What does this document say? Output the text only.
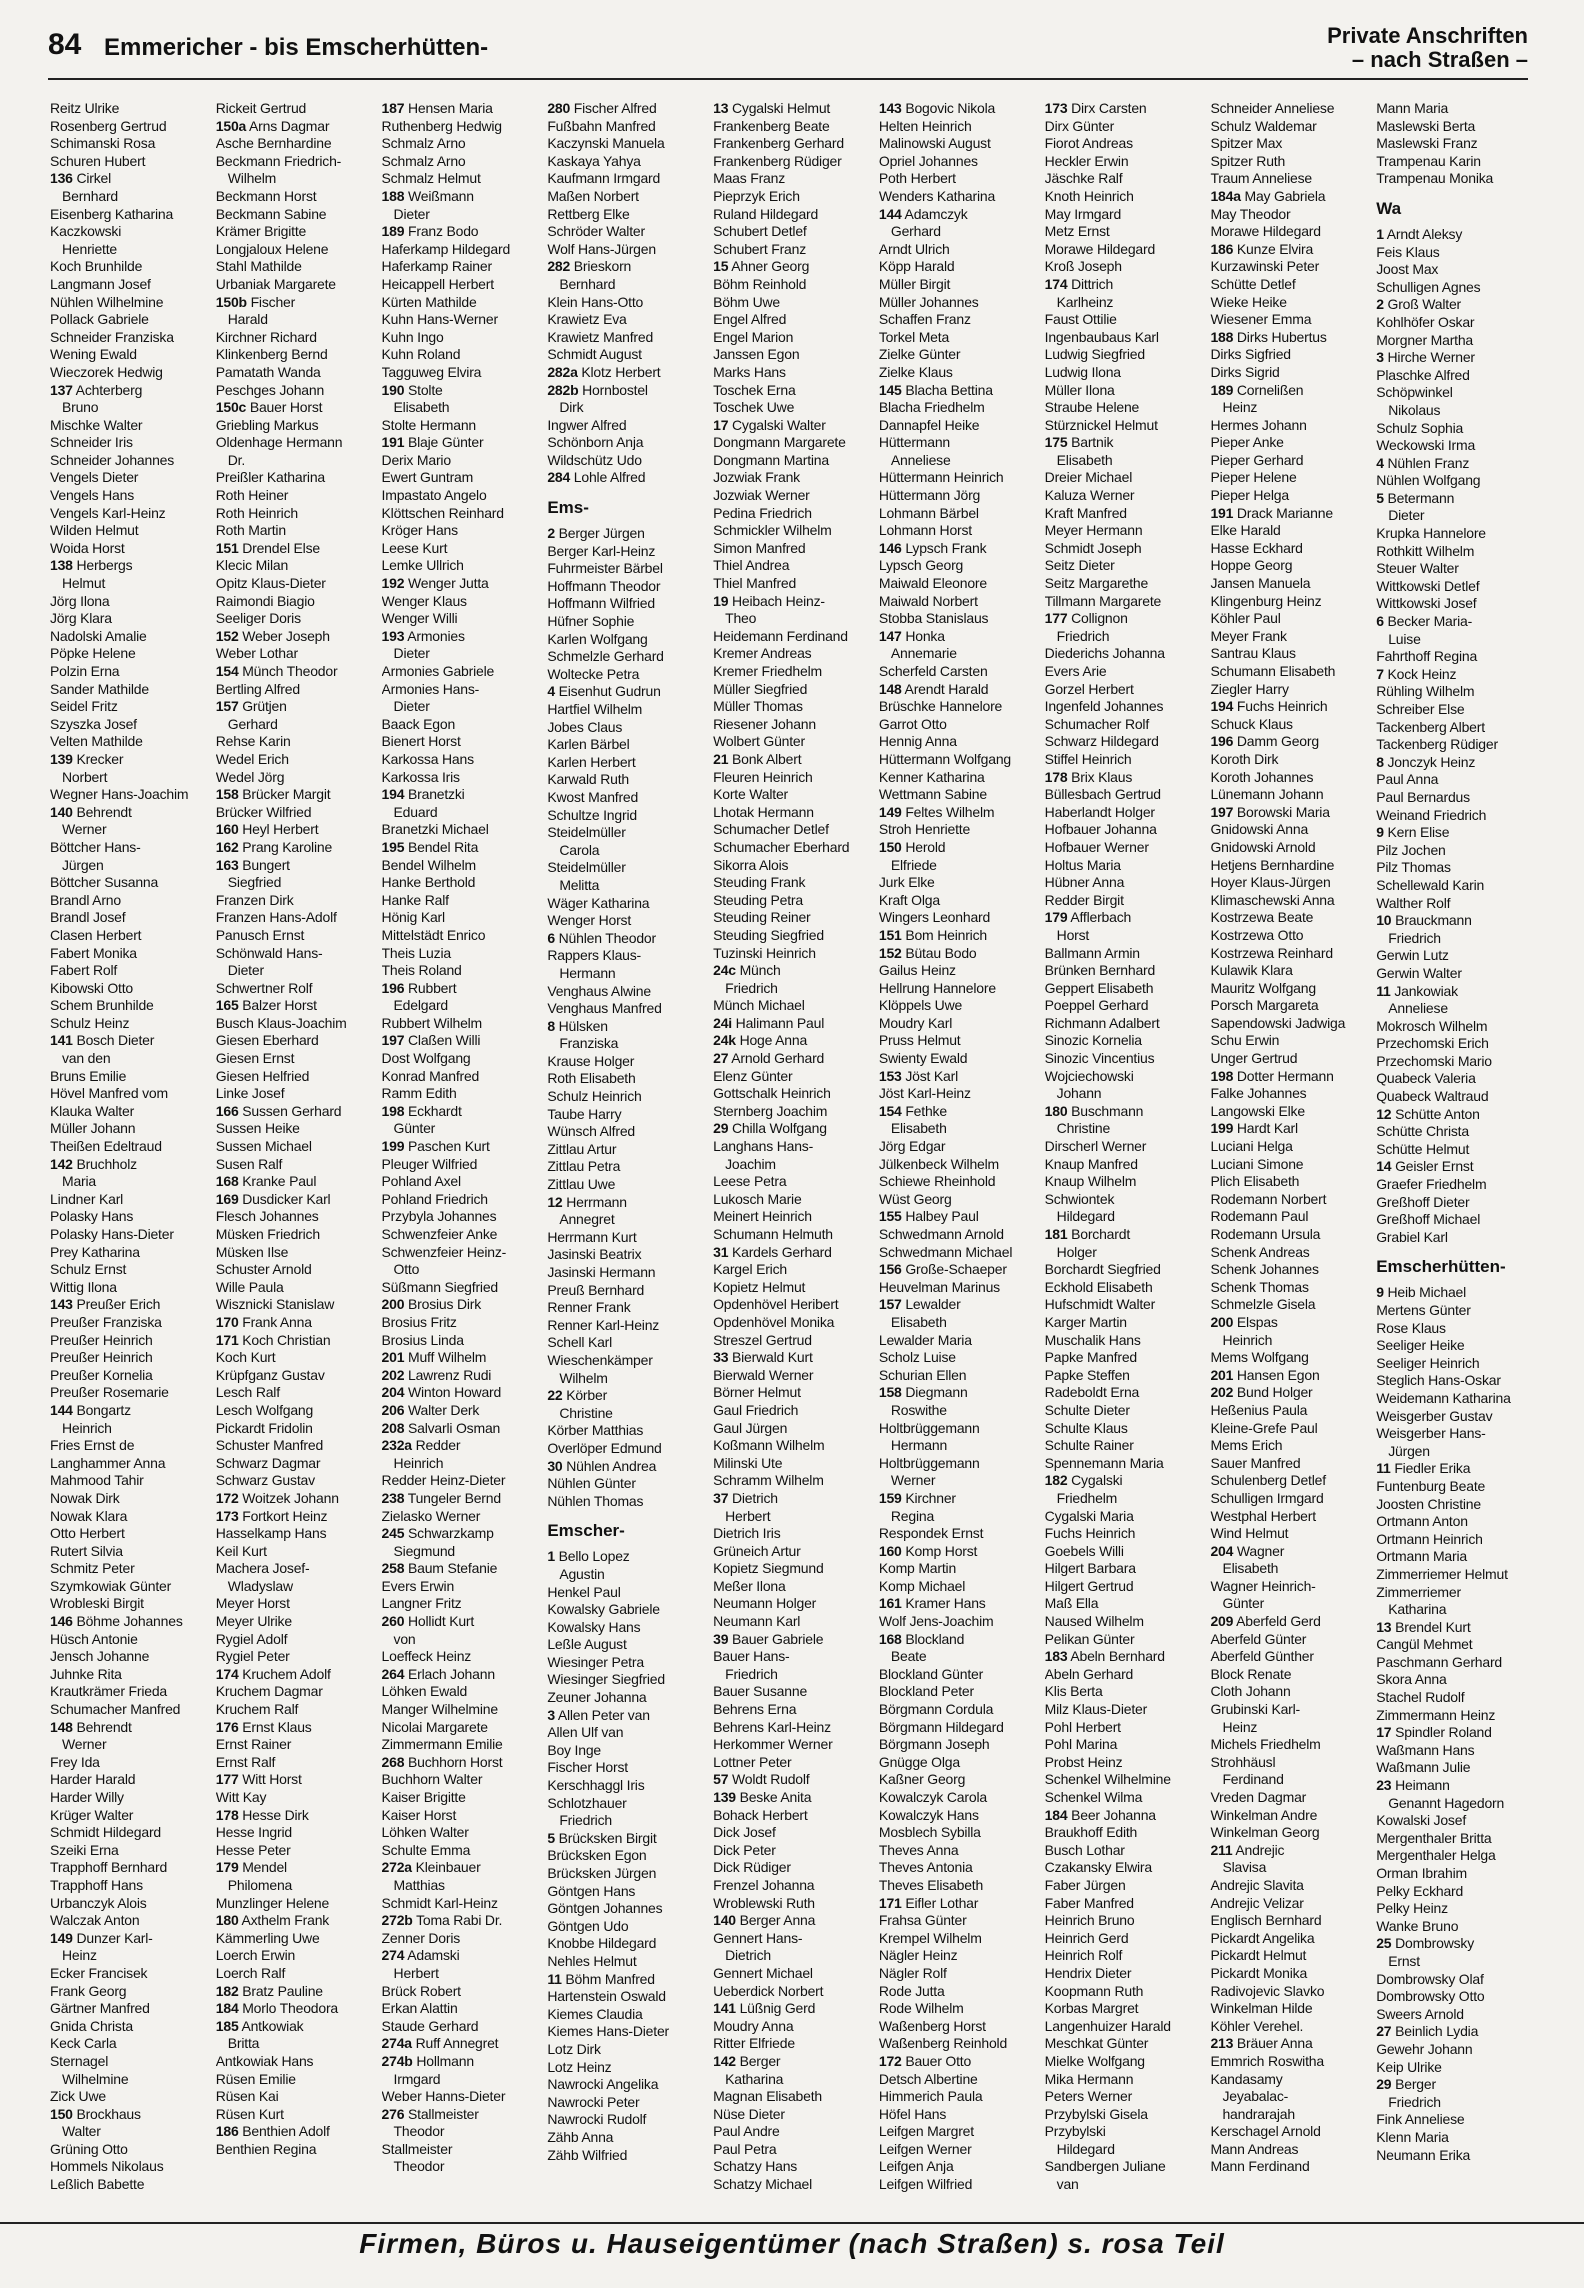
84 Emmericher - bis Emscherhütten-	Private Anschriften
– nach Straßen –
Reitz Ulrike
Rosenberg Gertrud
Schimanski Rosa
Schuren Hubert
136 Cirkel
Bernhard
Eisenberg Katharina
Kaczkowski
Henriette
Koch Brunhilde
Langmann Josef
Nühlen Wilhelmine
Pollack Gabriele
Schneider Franziska
Wening Ewald
Wieczorek Hedwig
137 Achterberg
Bruno
Mischke Walter
Schneider Iris
Schneider Johannes
Vengels Dieter
Vengels Hans
Vengels Karl-Heinz
Wilden Helmut
Woida Horst
138 Herbergs
Helmut
Jörg Ilona
Jörg Klara
Nadolski Amalie
Pöpke Helene
Polzin Erna
Sander Mathilde
Seidel Fritz
Szyszka Josef
Velten Mathilde
139 Krecker
Norbert
Wegner Hans-Joachim
140 Behrendt
Werner
Böttcher Hans-
Jürgen
Böttcher Susanna
Brandl Arno
Brandl Josef
Clasen Herbert
Fabert Monika
Fabert Rolf
Kibowski Otto
Schem Brunhilde
Schulz Heinz
141 Bosch Dieter
van den
Bruns Emilie
Hövel Manfred vom
Klauka Walter
Müller Johann
Theißen Edeltraud
142 Bruchholz
Maria
Lindner Karl
Polasky Hans
Polasky Hans-Dieter
Prey Katharina
Schulz Ernst
Wittig Ilona
143 Preußer Erich
Preußer Franziska
Preußer Heinrich
Preußer Heinrich
Preußer Kornelia
Preußer Rosemarie
144 Bongartz
Heinrich
Fries Ernst de
Langhammer Anna
Mahmood Tahir
Nowak Dirk
Nowak Klara
Otto Herbert
Rutert Silvia
Schmitz Peter
Szymkowiak Günter
Wrobleski Birgit
146 Böhme Johannes
Hüsch Antonie
Jensch Johanne
Juhnke Rita
Krautkrämer Frieda
Schumacher Manfred
148 Behrendt
Werner
Frey Ida
Harder Harald
Harder Willy
Krüger Walter
Schmidt Hildegard
Szeiki Erna
Trapphoff Bernhard
Trapphoff Hans
Urbanczyk Alois
Walczak Anton
149 Dunzer Karl-
Heinz
Ecker Francisek
Frank Georg
Gärtner Manfred
Gnida Christa
Keck Carla
Sternagel
Wilhelmine
Zick Uwe
150 Brockhaus
Walter
Grüning Otto
Hommels Nikolaus
Leßlich Babette
Rickeit Gertrud
150a Arns Dagmar
Asche Bernhardine
Beckmann Friedrich-
Wilhelm
Beckmann Horst
Beckmann Sabine
Krämer Brigitte
Longjaloux Helene
Stahl Mathilde
Urbaniak Margarete
150b Fischer
Harald
Kirchner Richard
Klinkenberg Bernd
Pamatath Wanda
Peschges Johann
150c Bauer Horst
Griebling Markus
Oldenhage Hermann
Dr.
Preißler Katharina
Roth Heiner
Roth Heinrich
Roth Martin
151 Drendel Else
Klecic Milan
Opitz Klaus-Dieter
Raimondi Biagio
Seeliger Doris
152 Weber Joseph
Weber Lothar
154 Münch Theodor
Bertling Alfred
157 Grütjen
Gerhard
Rehse Karin
Wedel Erich
Wedel Jörg
158 Brücker Margit
Brücker Wilfried
160 Heyl Herbert
162 Prang Karoline
163 Bungert
Siegfried
Franzen Dirk
Franzen Hans-Adolf
Panusch Ernst
Schönwald Hans-
Dieter
Schwertner Rolf
165 Balzer Horst
Busch Klaus-Joachim
Giesen Eberhard
Giesen Ernst
Giesen Helfried
Linke Josef
166 Sussen Gerhard
Sussen Heike
Sussen Michael
Susen Ralf
168 Kranke Paul
169 Dusdicker Karl
Flesch Johannes
Müsken Friedrich
Müsken Ilse
Schuster Arnold
Wille Paula
Wisznicki Stanislaw
170 Frank Anna
171 Koch Christian
Koch Kurt
Krüpfganz Gustav
Lesch Ralf
Lesch Wolfgang
Pickardt Fridolin
Schuster Manfred
Schwarz Dagmar
Schwarz Gustav
172 Woitzek Johann
173 Fortkort Heinz
Hasselkamp Hans
Keil Kurt
Machera Josef-
Wladyslaw
Meyer Horst
Meyer Ulrike
Rygiel Adolf
Rygiel Peter
174 Kruchem Adolf
Kruchem Dagmar
Kruchem Ralf
176 Ernst Klaus
Ernst Rainer
Ernst Ralf
177 Witt Horst
Witt Kay
178 Hesse Dirk
Hesse Ingrid
Hesse Peter
179 Mendel
Philomena
Munzlinger Helene
180 Axthelm Frank
Kämmerling Uwe
Loerch Erwin
Loerch Ralf
182 Bratz Pauline
184 Morlo Theodora
185 Antkowiak
Britta
Antkowiak Hans
Rüsen Emilie
Rüsen Kai
Rüsen Kurt
186 Benthien Adolf
Benthien Regina
187 Hensen Maria
Ruthenberg Hedwig
Schmalz Arno
Schmalz Arno
Schmalz Helmut
188 Weißmann
Dieter
189 Franz Bodo
Haferkamp Hildegard
Haferkamp Rainer
Heicappell Herbert
Kürten Mathilde
Kuhn Hans-Werner
Kuhn Ingo
Kuhn Roland
Tagguweg Elvira
190 Stolte
Elisabeth
Stolte Hermann
191 Blaje Günter
Derix Mario
Ewert Guntram
Impastato Angelo
Klöttschen Reinhard
Kröger Hans
Leese Kurt
Lemke Ullrich
192 Wenger Jutta
Wenger Klaus
Wenger Willi
193 Armonies
Dieter
Armonies Gabriele
Armonies Hans-
Dieter
Baack Egon
Bienert Horst
Karkossa Hans
Karkossa Iris
194 Branetzki
Eduard
Branetzki Michael
195 Bendel Rita
Bendel Wilhelm
Hanke Berthold
Hanke Ralf
Hönig Karl
Mittelstädt Enrico
Theis Luzia
Theis Roland
196 Rubbert
Edelgard
Rubbert Wilhelm
197 Claßen Willi
Dost Wolfgang
Konrad Manfred
Ramm Edith
198 Eckhardt
Günter
199 Paschen Kurt
Pleuger Wilfried
Pohland Axel
Pohland Friedrich
Przybyla Johannes
Schwenzfeier Anke
Schwenzfeier Heinz-
Otto
Süßmann Siegfried
200 Brosius Dirk
Brosius Fritz
Brosius Linda
201 Muff Wilhelm
202 Lawrenz Rudi
204 Winton Howard
206 Walter Derk
208 Salvarli Osman
232a Redder
Heinrich
Redder Heinz-Dieter
238 Tungeler Bernd
Zielasko Werner
245 Schwarzkamp
Siegmund
258 Baum Stefanie
Evers Erwin
Langner Fritz
260 Hollidt Kurt
von
Loeffeck Heinz
264 Erlach Johann
Löhken Ewald
Manger Wilhelmine
Nicolai Margarete
Zimmermann Emilie
268 Buchhorn Horst
Buchhorn Walter
Kaiser Brigitte
Kaiser Horst
Löhken Walter
Schulte Emma
272a Kleinbauer
Matthias
Schmidt Karl-Heinz
272b Toma Rabi Dr.
Zenner Doris
274 Adamski
Herbert
Brück Robert
Erkan Alattin
Staude Gerhard
274a Ruff Annegret
274b Hollmann
Irmgard
Weber Hanns-Dieter
276 Stallmeister
Theodor
Stallmeister
Theodor
280 Fischer Alfred
Fußbahn Manfred
Kaczynski Manuela
Kaskaya Yahya
Kaufmann Irmgard
Maßen Norbert
Rettberg Elke
Schröder Walter
Wolf Hans-Jürgen
282 Brieskorn
Bernhard
Klein Hans-Otto
Krawietz Eva
Krawietz Manfred
Schmidt August
282a Klotz Herbert
282b Hornbostel
Dirk
Ingwer Alfred
Schönborn Anja
Wildschütz Udo
284 Lohle Alfred
Ems-
2 Berger Jürgen
Berger Karl-Heinz
Fuhrmeister Bärbel
Hoffmann Theodor
Hoffmann Wilfried
Hüfner Sophie
Karlen Wolfgang
Schmelzle Gerhard
Woltecke Petra
4 Eisenhut Gudrun
Hartfiel Wilhelm
Jobes Claus
Karlen Bärbel
Karlen Herbert
Karwald Ruth
Kwost Manfred
Schultze Ingrid
Steidelmüller
Carola
Steidelmüller
Melitta
Wäger Katharina
Wenger Horst
6 Nühlen Theodor
Rappers Klaus-
Hermann
Venghaus Alwine
Venghaus Manfred
8 Hülsken
Franziska
Krause Holger
Roth Elisabeth
Schulz Heinrich
Taube Harry
Wünsch Alfred
Zittlau Artur
Zittlau Petra
Zittlau Uwe
12 Herrmann
Annegret
Herrmann Kurt
Jasinski Beatrix
Jasinski Hermann
Preuß Bernhard
Renner Frank
Renner Karl-Heinz
Schell Karl
Wieschenkämper
Wilhelm
22 Körber
Christine
Körber Matthias
Overlöper Edmund
30 Nühlen Andrea
Nühlen Günter
Nühlen Thomas
Emscher-
1 Bello Lopez
Agustin
Henkel Paul
Kowalsky Gabriele
Kowalsky Hans
Leßle August
Wiesinger Petra
Wiesinger Siegfried
Zeuner Johanna
3 Allen Peter van
Allen Ulf van
Boy Inge
Fischer Horst
Kerschhaggl Iris
Schlotzhauer
Friedrich
5 Brücksken Birgit
Brücksken Egon
Brücksken Jürgen
Göntgen Hans
Göntgen Johannes
Göntgen Udo
Knobbe Hildegard
Nehles Helmut
11 Böhm Manfred
Hartenstein Oswald
Kiemes Claudia
Kiemes Hans-Dieter
Lotz Dirk
Lotz Heinz
Nawrocki Angelika
Nawrocki Peter
Nawrocki Rudolf
Zähb Anna
Zähb Wilfried
13 Cygalski Helmut
Frankenberg Beate
Frankenberg Gerhard
Frankenberg Rüdiger
Maas Franz
Pieprzyk Erich
Ruland Hildegard
Schubert Detlef
Schubert Franz
15 Ahner Georg
Böhm Reinhold
Böhm Uwe
Engel Alfred
Engel Marion
Janssen Egon
Marks Hans
Toschek Erna
Toschek Uwe
17 Cygalski Walter
Dongmann Margarete
Dongmann Martina
Jozwiak Frank
Jozwiak Werner
Pedina Friedrich
Schmickler Wilhelm
Simon Manfred
Thiel Andrea
Thiel Manfred
19 Heibach Heinz-
Theo
Heidemann Ferdinand
Kremer Andreas
Kremer Friedhelm
Müller Siegfried
Müller Thomas
Riesener Johann
Wolbert Günter
21 Bonk Albert
Fleuren Heinrich
Korte Walter
Lhotak Hermann
Schumacher Detlef
Schumacher Eberhard
Sikorra Alois
Steuding Frank
Steuding Petra
Steuding Reiner
Steuding Siegfried
Tuzinski Heinrich
24c Münch
Friedrich
Münch Michael
24i Halimann Paul
24k Hoge Anna
27 Arnold Gerhard
Elenz Günter
Gottschalk Heinrich
Sternberg Joachim
29 Chilla Wolfgang
Langhans Hans-
Joachim
Leese Petra
Lukosch Marie
Meinert Heinrich
Schumann Helmuth
31 Kardels Gerhard
Kargel Erich
Kopietz Helmut
Opdenhövel Heribert
Opdenhövel Monika
Streszel Gertrud
33 Bierwald Kurt
Bierwald Werner
Börner Helmut
Gaul Friedrich
Gaul Jürgen
Koßmann Wilhelm
Milinski Ute
Schramm Wilhelm
37 Dietrich
Herbert
Dietrich Iris
Grüneich Artur
Kopietz Siegmund
Meßer Ilona
Neumann Holger
Neumann Karl
39 Bauer Gabriele
Bauer Hans-
Friedrich
Bauer Susanne
Behrens Erna
Behrens Karl-Heinz
Herkommer Werner
Lottner Peter
57 Woldt Rudolf
139 Beske Anita
Bohack Herbert
Dick Josef
Dick Peter
Dick Rüdiger
Frenzel Johanna
Wroblewski Ruth
140 Berger Anna
Gennert Hans-
Dietrich
Gennert Michael
Ueberdick Norbert
141 Lüßnig Gerd
Moudry Anna
Ritter Elfriede
142 Berger
Katharina
Magnan Elisabeth
Nüse Dieter
Paul Andre
Paul Petra
Schatzy Hans
Schatzy Michael
143 Bogovic Nikola
Helten Heinrich
Malinowski August
Opriel Johannes
Poth Herbert
Wenders Katharina
144 Adamczyk
Gerhard
Arndt Ulrich
Köpp Harald
Müller Birgit
Müller Johannes
Schaffen Franz
Torkel Meta
Zielke Günter
Zielke Klaus
145 Blacha Bettina
Blacha Friedhelm
Dannapfel Heike
Hüttermann
Anneliese
Hüttermann Heinrich
Hüttermann Jörg
Lohmann Bärbel
Lohmann Horst
146 Lypsch Frank
Lypsch Georg
Maiwald Eleonore
Maiwald Norbert
Stobba Stanislaus
147 Honka
Annemarie
Scherfeld Carsten
148 Arendt Harald
Brüschke Hannelore
Garrot Otto
Hennig Anna
Hüttermann Wolfgang
Kenner Katharina
Wettmann Sabine
149 Feltes Wilhelm
Stroh Henriette
150 Herold
Elfriede
Jurk Elke
Kraft Olga
Wingers Leonhard
151 Bom Heinrich
152 Bütau Bodo
Gailus Heinz
Hellrung Hannelore
Klöppels Uwe
Moudry Karl
Pruss Helmut
Swienty Ewald
153 Jöst Karl
Jöst Karl-Heinz
154 Fethke
Elisabeth
Jörg Edgar
Jülkenbeck Wilhelm
Schiewe Rheinhold
Wüst Georg
155 Halbey Paul
Schwedmann Arnold
Schwedmann Michael
156 Große-Schaeper
Heuvelman Marinus
157 Lewalder
Elisabeth
Lewalder Maria
Scholz Luise
Schurian Ellen
158 Diegmann
Roswithe
Holtbrüggemann
Hermann
Holtbrüggemann
Werner
159 Kirchner
Regina
Respondek Ernst
160 Komp Horst
Komp Martin
Komp Michael
161 Kramer Hans
Wolf Jens-Joachim
168 Blockland
Beate
Blockland Günter
Blockland Peter
Börgmann Cordula
Börgmann Hildegard
Börgmann Joseph
Gnügge Olga
Kaßner Georg
Kowalczyk Carola
Kowalczyk Hans
Mosblech Sybilla
Theves Anna
Theves Antonia
Theves Elisabeth
171 Eifler Lothar
Frahsa Günter
Krempel Wilhelm
Nägler Heinz
Nägler Rolf
Rode Jutta
Rode Wilhelm
Waßenberg Horst
Waßenberg Reinhold
172 Bauer Otto
Detsch Albertine
Himmerich Paula
Höfel Hans
Leifgen Margret
Leifgen Werner
Leifgen Anja
Leifgen Wilfried
173 Dirx Carsten
Dirx Günter
Fiorot Andreas
Heckler Erwin
Jäschke Ralf
Knoth Heinrich
May Irmgard
Metz Ernst
Morawe Hildegard
Kroß Joseph
174 Dittrich
Karlheinz
Faust Ottilie
Ingenbaubaus Karl
Ludwig Siegfried
Ludwig Ilona
Müller Ilona
Straube Helene
Stürznickel Helmut
175 Bartnik
Elisabeth
Dreier Michael
Kaluza Werner
Kraft Manfred
Meyer Hermann
Schmidt Joseph
Seitz Dieter
Seitz Margarethe
Tillmann Margarete
177 Collignon
Friedrich
Diederichs Johanna
Evers Arie
Gorzel Herbert
Ingenfeld Johannes
Schumacher Rolf
Schwarz Hildegard
Stiffel Heinrich
178 Brix Klaus
Büllesbach Gertrud
Haberlandt Holger
Hofbauer Johanna
Hofbauer Werner
Holtus Maria
Hübner Anna
Redder Birgit
179 Afflerbach
Horst
Ballmann Armin
Brünken Bernhard
Geppert Elisabeth
Poeppel Gerhard
Richmann Adalbert
Sinozic Kornelia
Sinozic Vincentius
Wojciechowski
Johann
180 Buschmann
Christine
Dirscherl Werner
Knaup Manfred
Knaup Wilhelm
Schwiontek
Hildegard
181 Borchardt
Holger
Borchardt Siegfried
Eckhold Elisabeth
Hufschmidt Walter
Karger Martin
Muschalik Hans
Papke Manfred
Papke Steffen
Radeboldt Erna
Schulte Dieter
Schulte Klaus
Schulte Rainer
Spennemann Maria
182 Cygalski
Friedhelm
Cygalski Maria
Fuchs Heinrich
Goebels Willi
Hilgert Barbara
Hilgert Gertrud
Maß Ella
Naused Wilhelm
Pelikan Günter
183 Abeln Bernhard
Abeln Gerhard
Klis Berta
Milz Klaus-Dieter
Pohl Herbert
Pohl Marina
Probst Heinz
Schenkel Wilhelmine
Schenkel Wilma
184 Beer Johanna
Braukhoff Edith
Busch Lothar
Czakansky Elwira
Faber Jürgen
Faber Manfred
Heinrich Bruno
Heinrich Gerd
Heinrich Rolf
Hendrix Dieter
Koopmann Ruth
Korbas Margret
Langenhuizer Harald
Meschkat Günter
Mielke Wolfgang
Mika Hermann
Peters Werner
Przybylski Gisela
Przybylski
Hildegard
Sandbergen Juliane
van
Schneider Anneliese
Schulz Waldemar
Spitzer Max
Spitzer Ruth
Traum Anneliese
184a May Gabriela
May Theodor
Morawe Hildegard
186 Kunze Elvira
Kurzawinski Peter
Schütte Detlef
Wieke Heike
Wiesener Emma
188 Dirks Hubertus
Dirks Sigfried
Dirks Sigrid
189 Cornelißen
Heinz
Hermes Johann
Pieper Anke
Pieper Gerhard
Pieper Helene
Pieper Helga
191 Drack Marianne
Elke Harald
Hasse Eckhard
Hoppe Georg
Jansen Manuela
Klingenburg Heinz
Köhler Paul
Meyer Frank
Santrau Klaus
Schumann Elisabeth
Ziegler Harry
194 Fuchs Heinrich
Schuck Klaus
196 Damm Georg
Koroth Dirk
Koroth Johannes
Lünemann Johann
197 Borowski Maria
Gnidowski Anna
Gnidowski Arnold
Hetjens Bernhardine
Hoyer Klaus-Jürgen
Klimaschewski Anna
Kostrzewa Beate
Kostrzewa Otto
Kostrzewa Reinhard
Kulawik Klara
Mauritz Wolfgang
Porsch Margareta
Sapendowski Jadwiga
Schu Erwin
Unger Gertrud
198 Dotter Hermann
Falke Johannes
Langowski Elke
199 Hardt Karl
Luciani Helga
Luciani Simone
Plich Elisabeth
Rodemann Norbert
Rodemann Paul
Rodemann Ursula
Schenk Andreas
Schenk Johannes
Schenk Thomas
Schmelzle Gisela
200 Elspas
Heinrich
Mems Wolfgang
201 Hansen Egon
202 Bund Holger
Heßenius Paula
Kleine-Grefe Paul
Mems Erich
Sauer Manfred
Schulenberg Detlef
Schulligen Irmgard
Westphal Herbert
Wind Helmut
204 Wagner
Elisabeth
Wagner Heinrich-
Günter
209 Aberfeld Gerd
Aberfeld Günter
Aberfeld Günther
Block Renate
Cloth Johann
Grubinski Karl-
Heinz
Michels Friedhelm
Strohhäusl
Ferdinand
Vreden Dagmar
Winkelman Andre
Winkelman Georg
211 Andrejic
Slavisa
Andrejic Slavita
Andrejic Velizar
Englisch Bernhard
Pickardt Angelika
Pickardt Helmut
Pickardt Monika
Radivojevic Slavko
Winkelman Hilde
Köhler Verehel.
213 Bräuer Anna
Emmrich Roswitha
Kandasamy
Jeyabalac-
handrarajah
Kerschagel Arnold
Mann Andreas
Mann Ferdinand
Mann Maria
Maslewski Berta
Maslewski Franz
Trampenau Karin
Trampenau Monika
Wa
1 Arndt Aleksy
Feis Klaus
Joost Max
Schulligen Agnes
2 Groß Walter
Kohlhöfer Oskar
Morgner Martha
3 Hirche Werner
Plaschke Alfred
Schöpwinkel
Nikolaus
Schulz Sophia
Weckowski Irma
4 Nühlen Franz
Nühlen Wolfgang
5 Betermann
Dieter
Krupka Hannelore
Rothkitt Wilhelm
Steuer Walter
Wittkowski Detlef
Wittkowski Josef
6 Becker Maria-
Luise
Fahrthoff Regina
7 Kock Heinz
Rühling Wilhelm
Schreiber Else
Tackenberg Albert
Tackenberg Rüdiger
8 Jonczyk Heinz
Paul Anna
Paul Bernardus
Weinand Friedrich
9 Kern Elise
Pilz Jochen
Pilz Thomas
Schellewald Karin
Walther Rolf
10 Brauckmann
Friedrich
Gerwin Lutz
Gerwin Walter
11 Jankowiak
Anneliese
Mokrosch Wilhelm
Przechomski Erich
Przechomski Mario
Quabeck Valeria
Quabeck Waltraud
12 Schütte Anton
Schütte Christa
Schütte Helmut
14 Geisler Ernst
Graefer Friedhelm
Greßhoff Dieter
Greßhoff Michael
Grabiel Karl
Emscherhütten-
9 Heib Michael
Mertens Günter
Rose Klaus
Seeliger Heike
Seeliger Heinrich
Steglich Hans-Oskar
Weidemann Katharina
Weisgerber Gustav
Weisgerber Hans-
Jürgen
11 Fiedler Erika
Funtenburg Beate
Joosten Christine
Ortmann Anton
Ortmann Heinrich
Ortmann Maria
Zimmerriemer Helmut
Zimmerriemer
Katharina
13 Brendel Kurt
Cangül Mehmet
Paschmann Gerhard
Skora Anna
Stachel Rudolf
Zimmermann Heinz
17 Spindler Roland
Waßmann Hans
Waßmann Julie
23 Heimann
Genannt Hagedorn
Kowalski Josef
Mergenthaler Britta
Mergenthaler Helga
Orman Ibrahim
Pelky Eckhard
Pelky Heinz
Wanke Bruno
25 Dombrowsky
Ernst
Dombrowsky Olaf
Dombrowsky Otto
Sweers Arnold
27 Beinlich Lydia
Gewehr Johann
Keip Ulrike
29 Berger
Friedrich
Fink Anneliese
Klenn Maria
Neumann Erika
Firmen, Büros u. Hauseigentümer (nach Straßen) s. rosa Teil
